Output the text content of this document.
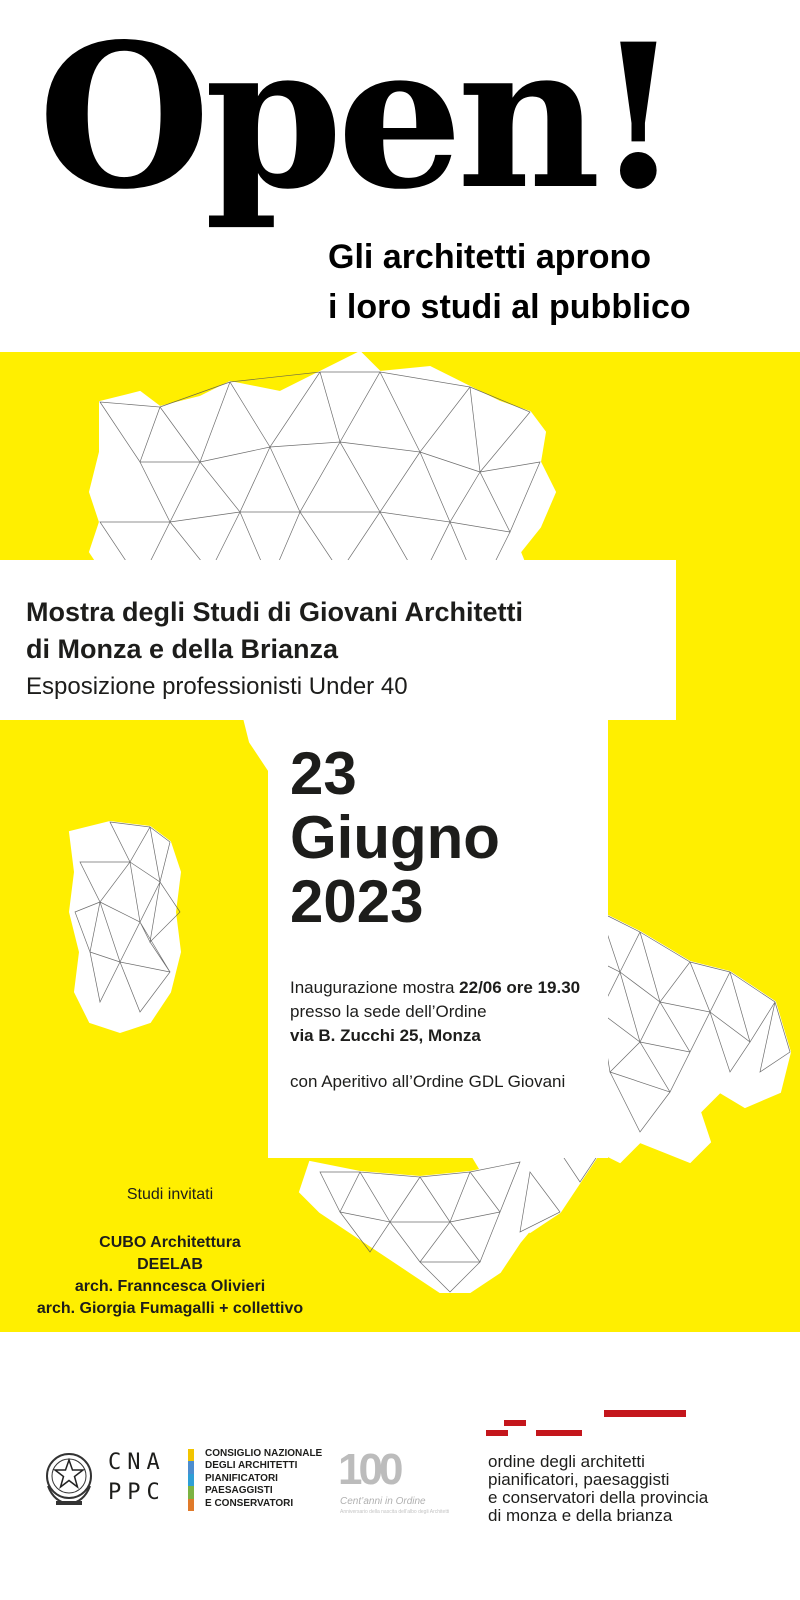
Open!

Gli architetti aprono
i loro studi al pubblico

Mostra degli Studi di Giovani Architetti
di Monza e della Brianza

Esposizione professionisti Under 40

23
Giugno
2023

Inaugurazione mostra 22/06 ore 19.30
presso la sede dell’Ordine
via B. Zucchi 25, Monza

con Aperitivo all’Ordine GDL Giovani

Studi invitati
CUBO Architettura
DEELAB
arch. Franncesca Olivieri
arch. Giorgia Fumagalli + collettivo
CNA
PPC
CONSIGLIO NAZIONALE
DEGLI ARCHITETTI
PIANIFICATORI
PAESAGGISTI
E CONSERVATORI
100
Cent’anni in Ordine
Anniversario della nascita dell’albo degli Architetti
ordine degli architetti
pianificatori, paesaggisti
e conservatori della provincia
di monza e della brianza
